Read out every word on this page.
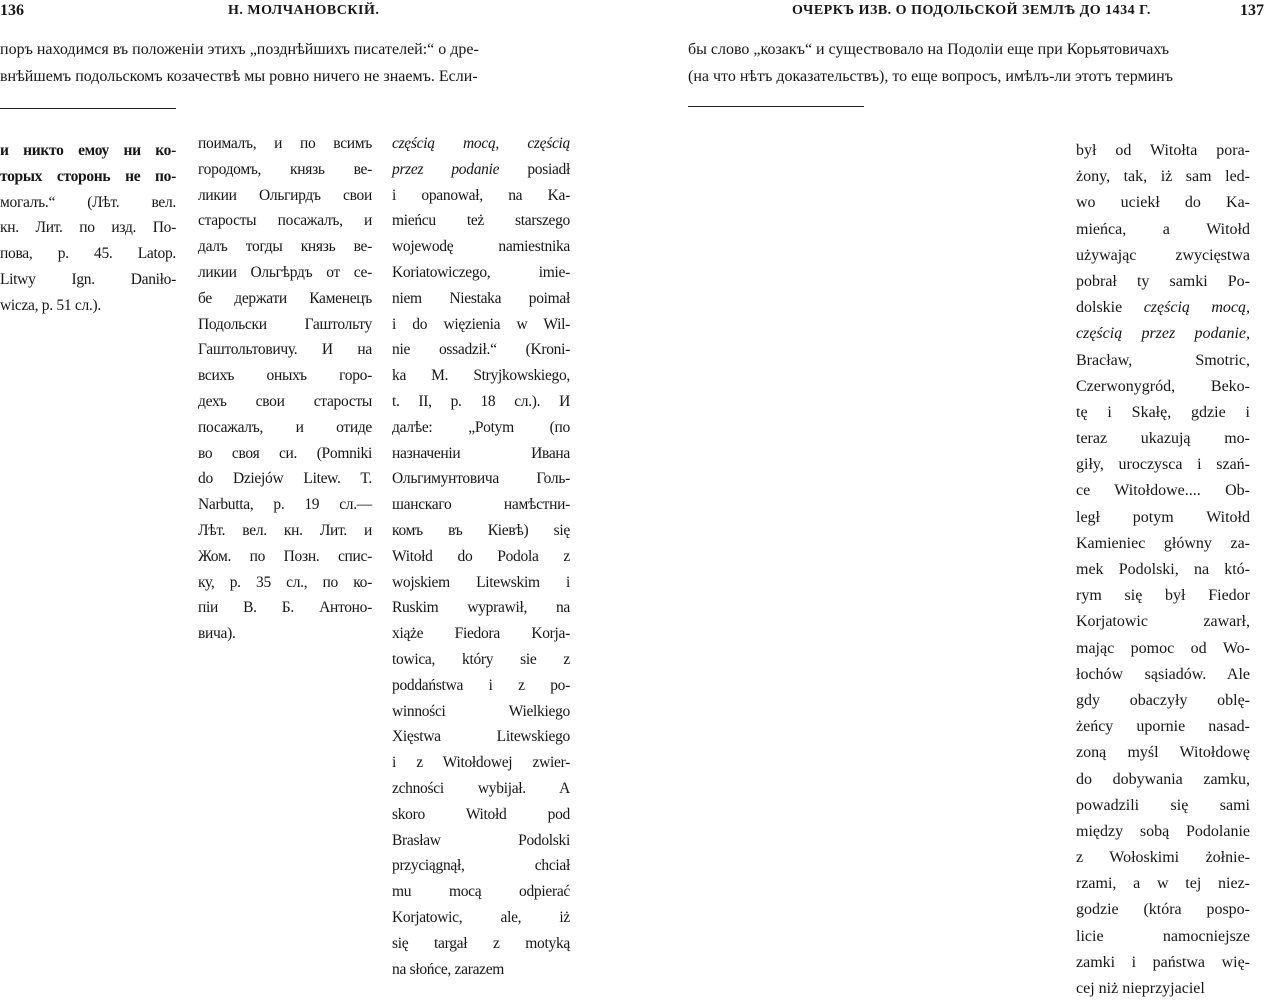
136	Н. МОЛЧАНОВСКІЙ.
поръ находимся въ положеніи этихъ „позднѣйшихъ писателей:“ о дре-
внѣйшемъ подольскомъ козачествѣ мы ровно ничего не знаемъ. Если-
и никто емоу ни ко-
торых сторонь не по-
могалъ.“ (Лѣт. вел.
кн. Лит. по изд. По-
пова, р. 45. Latop.
Litwy Ign. Daniło-
wicza, p. 51 сл.).
поималъ, и по всимъ
городомъ, князь ве-
ликии Ольгирдъ свои
старосты посажалъ, и
далъ тогды князь ве-
ликии Ольгѣрдъ от се-
бе держати Каменецъ
Подольски Гаштольту
Гаштольтовичу. И на
всихъ оныхъ горо-
дехъ свои старосты
посажалъ, и отиде
во своя си. (Pomniki
do Dziejów Litew. T.
Narbutta, p. 19 сл.—
Лѣт. вел. кн. Лит. и
Жом. по Позн. спис-
ку, р. 35 сл., по ко-
піи В. Б. Антоно-
вича).
częścią mocą, częścią
przez podanie posiadł
i opanował, na Ka-
mieńcu też starszego
wojewodę namiestnika
Koriatowiczego, imie-
niem Niestaka poimał
i do więzienia w Wil-
nie ossadził.“ (Kroni-
ka M. Stryjkowskiego,
t. II, p. 18 сл.). И
далѣе: „Potym (по
назначеніи Ивана
Ольгимунтовича Голь-
шанскаго намѣстни-
комъ въ Кіевѣ) się
Witołd do Podola z
wojskiem Litewskim i
Ruskim wyprawił, na
xiąże Fiedora Korja-
towica, który sie z
poddaństwa i z po-
winności Wielkiego
Xięstwa Litewskiego
i z Witołdowej zwier-
zchności wybijał. A
skoro Witołd pod
Brasław Podolski
przyciągnął, chciał
mu mocą odpierać
Korjatowic, ale, iż
się targał z motyką
na słońce, zarazem
ОЧЕРКЪ ИЗВ. О ПОДОЛЬСКОЙ ЗЕМЛѢ ДО 1434 Г.	137
бы слово „козакъ“ и существовало на Подоліи еще при Корьятовичахъ
(на что нѣтъ доказательствъ), то еще вопросъ, имѣлъ-ли этотъ терминъ
był od Witołta pora-
żony, tak, iż sam led-
wo uciekł do Ka-
mieńca, a Witołd
używając zwycięstwa
pobrał ty samki Po-
dolskie częścią mocą,
częścią przez podanie,
Bracław, Smotric,
Czerwonygród, Beko-
tę i Skałę, gdzie i
teraz ukazują mo-
giły, uroczysca i szań-
ce Witołdowe.... Ob-
legł potym Witołd
Kamieniec główny za-
mek Podolski, na któ-
rym się był Fiedor
Korjatowic zawarł,
mając pomoc od Wo-
łochów sąsiadów. Ale
gdy obaczyły oblę-
żeńcy upornie nasad-
zoną myśl Witołdowę
do dobywania zamku,
powadzili się sami
między sobą Podolanie
z Wołoskimi żołnie-
rzami, a w tej niez-
godzie (która pospo-
licie namocniejsze
zamki i państwa wię-
cej niż nieprzyjaciel
